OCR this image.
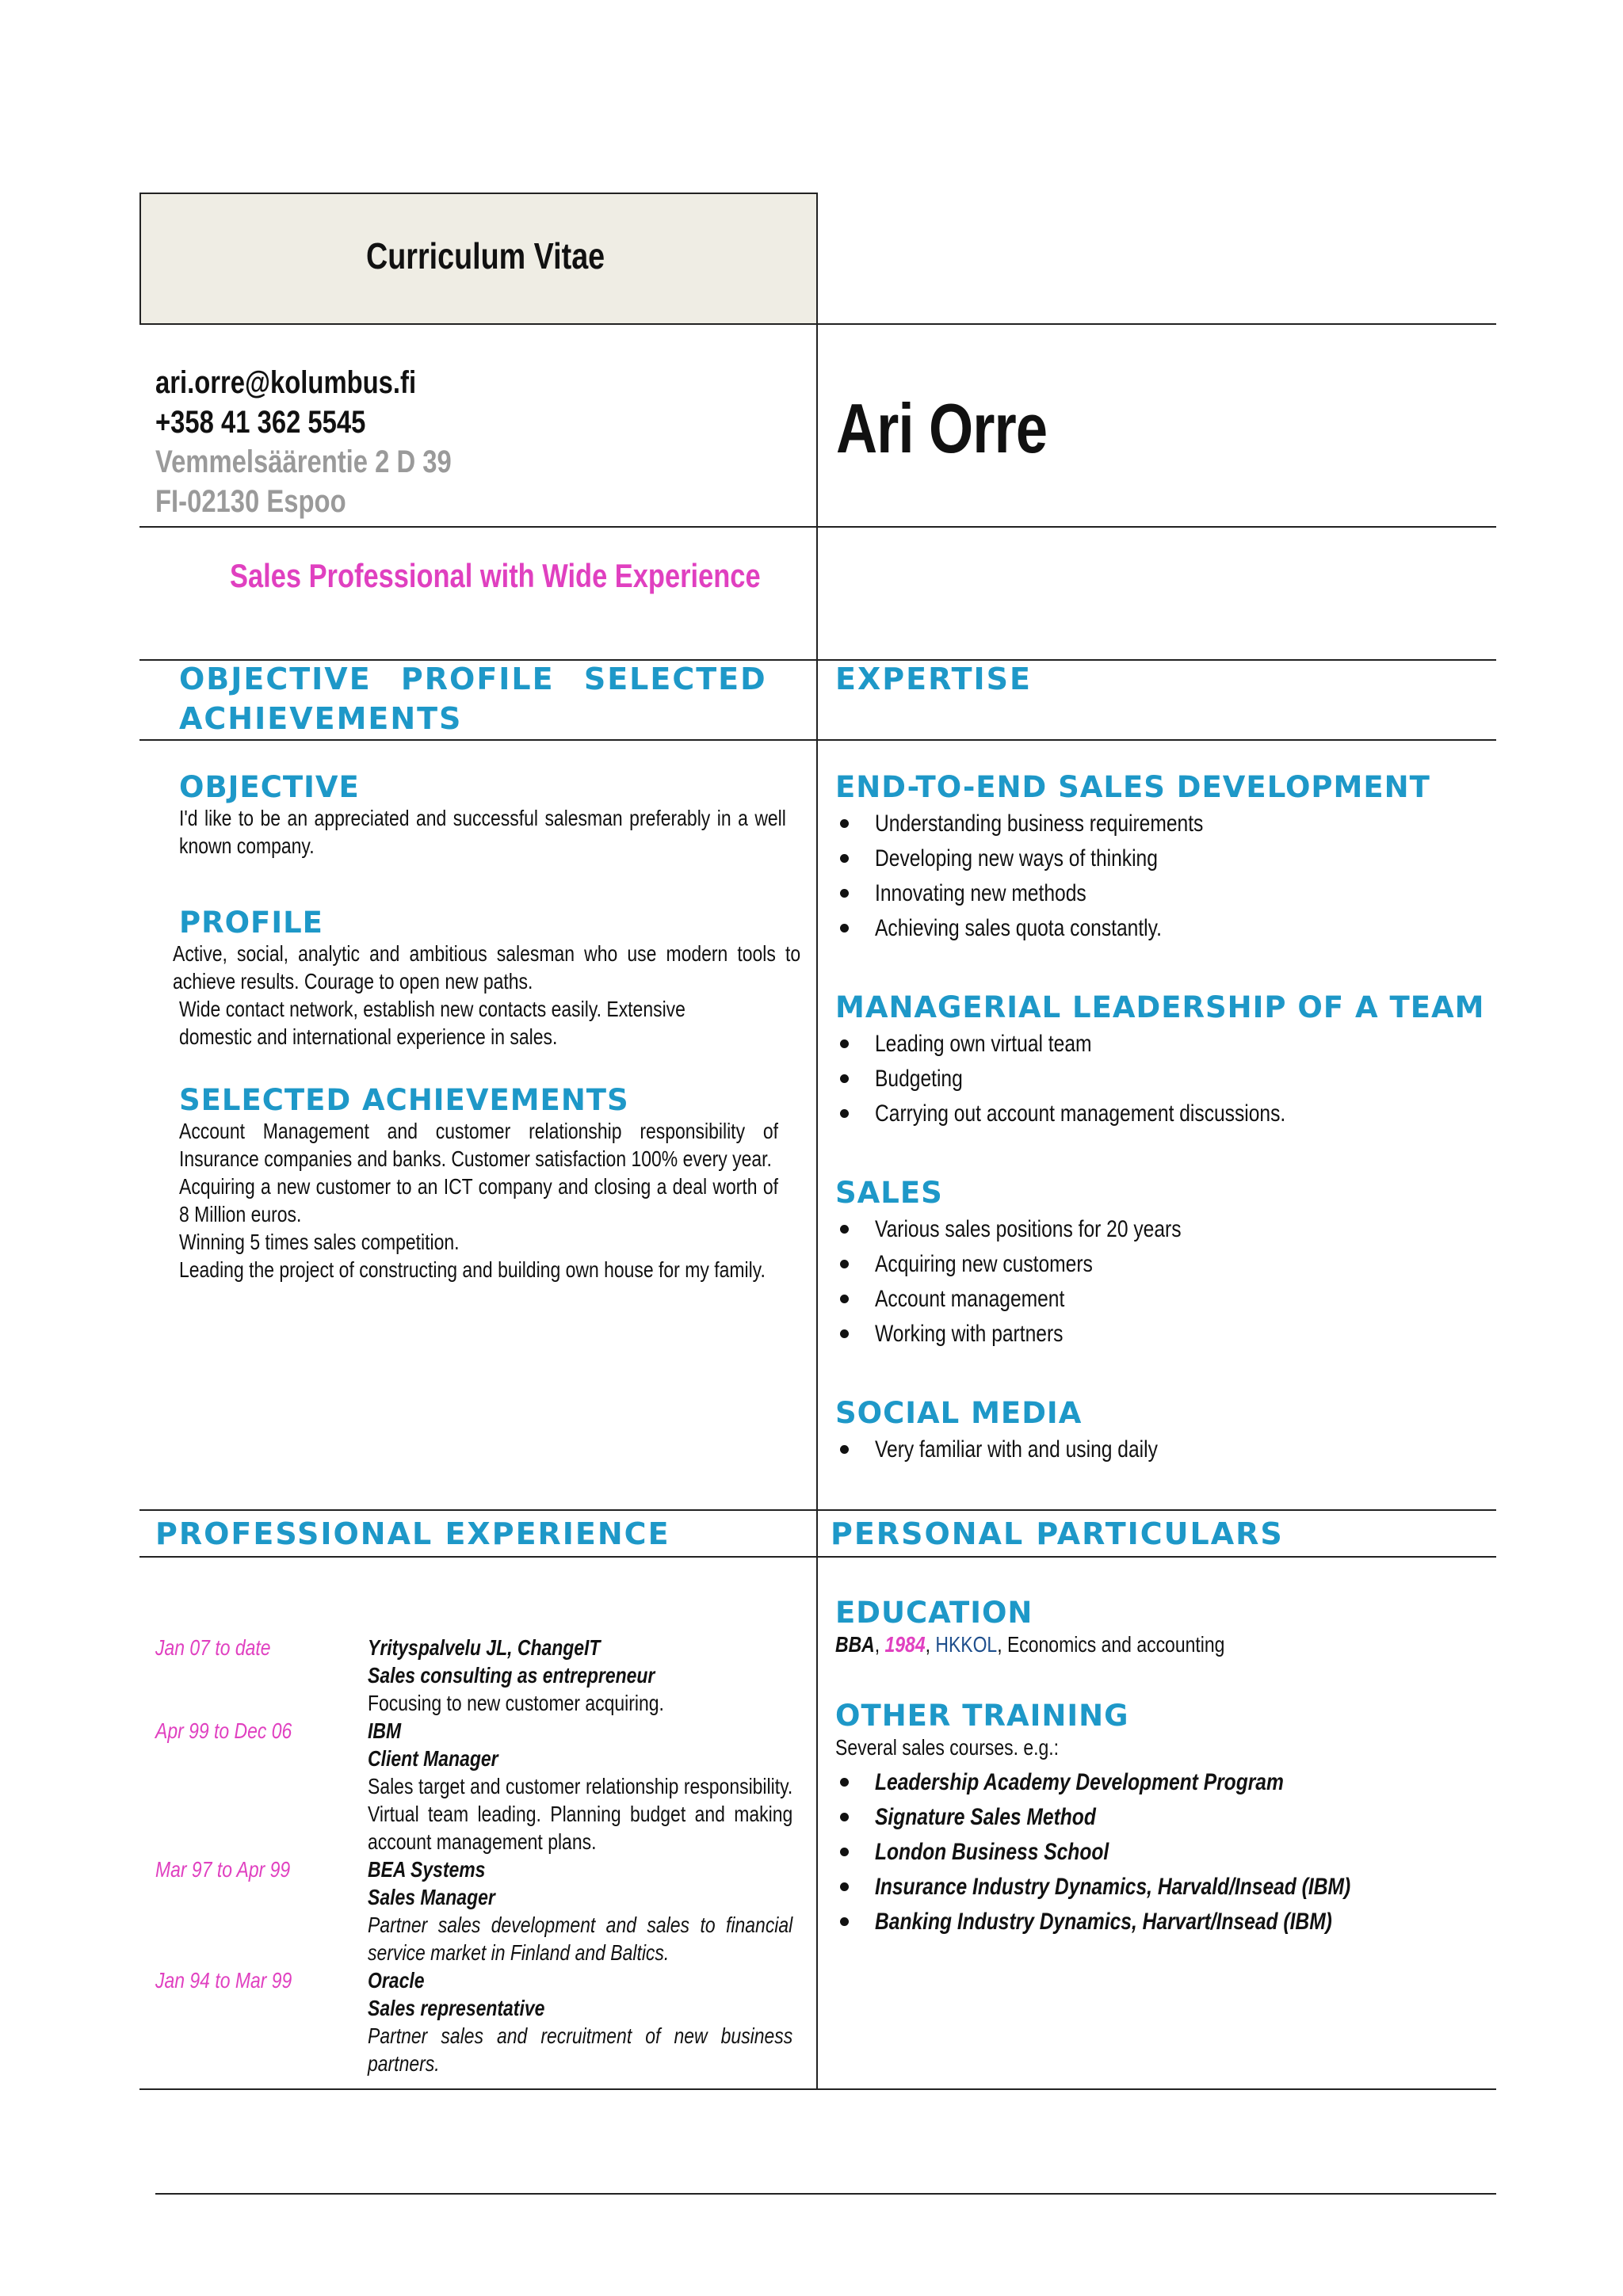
Curriculum Vitae
ari.orre@kolumbus.fi
+358 41 362 5545
Vemmelsäärentie 2 D 39
FI-02130 Espoo
Ari Orre
Sales Professional with Wide Experience
OBJECTIVE PROFILE SELECTED
ACHIEVEMENTS
EXPERTISE
OBJECTIVE
I'd like to be an appreciated and successful salesman preferably in a well known company.
PROFILE
Active, social, analytic and ambitious salesman who use modern tools to achieve results. Courage to open new paths.
Wide contact network, establish new contacts easily. Extensive domestic and international experience in sales.
SELECTED ACHIEVEMENTS
Account Management and customer relationship responsibility of Insurance companies and banks. Customer satisfaction 100% every year.
Acquiring a new customer to an ICT company and closing a deal worth of 8 Million euros.
Winning 5 times sales competition.
Leading the project of constructing and building own house for my family.
END-TO-END SALES DEVELOPMENT
Understanding business requirements
Developing new ways of thinking
Innovating new methods
Achieving sales quota constantly.
MANAGERIAL LEADERSHIP OF A TEAM
Leading own virtual team
Budgeting
Carrying out account management discussions.
SALES
Various sales positions for 20 years
Acquiring new customers
Account management
Working with partners
SOCIAL MEDIA
Very familiar with and using daily
PROFESSIONAL EXPERIENCE	PERSONAL PARTICULARS
Jan 07 to date	Yrityspalvelu JL, ChangeIT
Sales consulting as entrepreneur
Focusing to new customer acquiring.
Apr 99 to Dec 06	IBM
Client Manager
Sales target and customer relationship responsibility. Virtual team leading. Planning budget and making account management plans.
Mar 97 to Apr 99	BEA Systems
Sales Manager
Partner sales development and sales to financial service market in Finland and Baltics.
Jan 94 to Mar 99	Oracle
Sales representative
Partner sales and recruitment of new business partners.
EDUCATION
BBA, 1984, HKKOL, Economics and accounting
OTHER TRAINING
Several sales courses. e.g.:
Leadership Academy Development Program
Signature Sales Method
London Business School
Insurance Industry Dynamics, Harvald/Insead (IBM)
Banking Industry Dynamics, Harvart/Insead (IBM)
